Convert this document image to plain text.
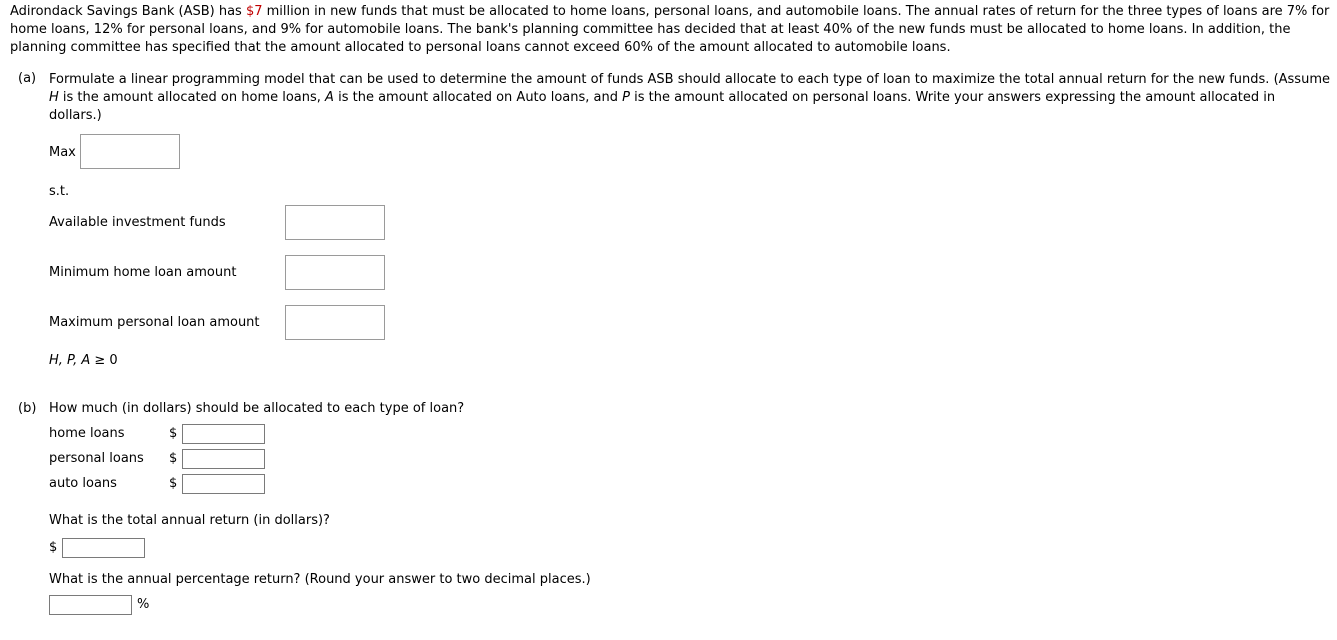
Adirondack Savings Bank (ASB) has $7 million in new funds that must be allocated to home loans, personal loans, and automobile loans. The annual rates of return for the three types of loans are 7% for home loans, 12% for personal loans, and 9% for automobile loans. The bank's planning committee has decided that at least 40% of the new funds must be allocated to home loans. In addition, the planning committee has specified that the amount allocated to personal loans cannot exceed 60% of the amount allocated to automobile loans.
(a) Formulate a linear programming model that can be used to determine the amount of funds ASB should allocate to each type of loan to maximize the total annual return for the new funds. (Assume H is the amount allocated on home loans, A is the amount allocated on Auto loans, and P is the amount allocated on personal loans. Write your answers expressing the amount allocated in dollars.)
Max
s.t.
Available investment funds
Minimum home loan amount
Maximum personal loan amount
H, P, A ≥ 0
(b) How much (in dollars) should be allocated to each type of loan?
home loans	$
personal loans $
auto loans	$
What is the total annual return (in dollars)?
$
What is the annual percentage return? (Round your answer to two decimal places.)
%
